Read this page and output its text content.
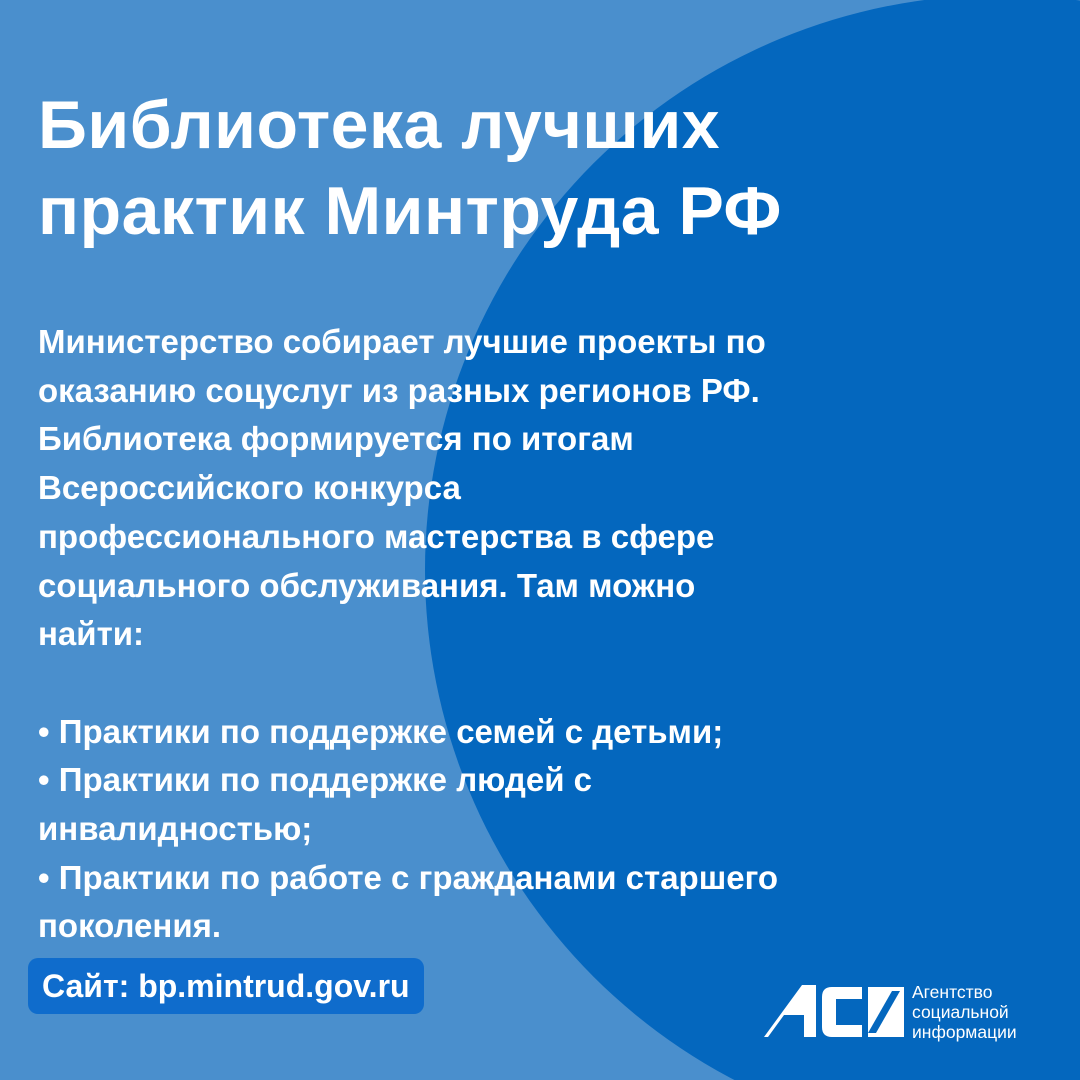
Библиотека лучших
практик Минтруда РФ
Министерство собирает лучшие проекты по
оказанию соцуслуг из разных регионов РФ.
Библиотека формируется по итогам
Всероссийского конкурса
профессионального мастерства в сфере
социального обслуживания. Там можно
найти:
• Практики по поддержке семей с детьми;
• Практики по поддержке людей с
инвалидностью;
• Практики по работе с гражданами старшего
поколения.
Сайт: bp.mintrud.gov.ru	Агентство
социальной
информации
